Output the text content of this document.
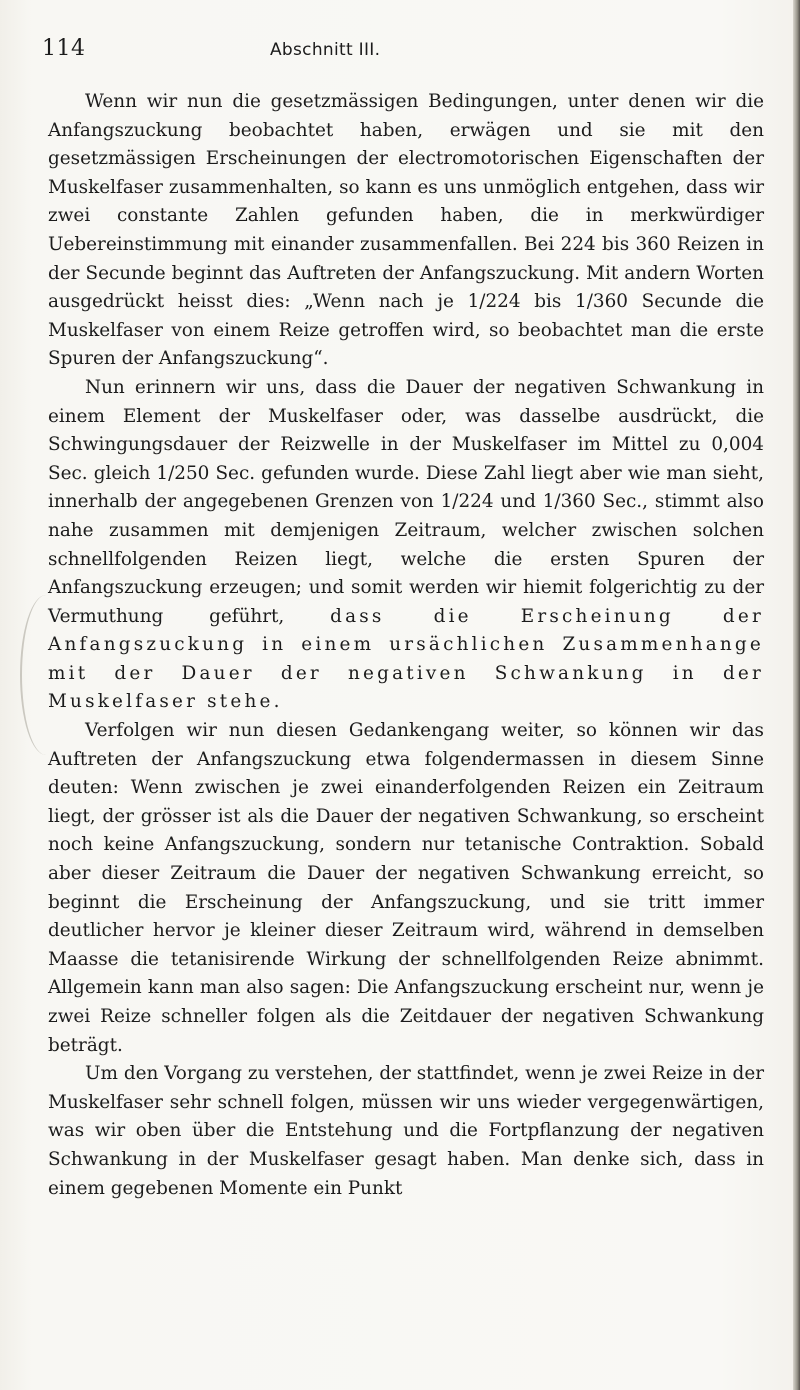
114	Abschnitt III.

Wenn wir nun die gesetzmässigen Bedingungen, unter denen wir die Anfangszuckung beobachtet haben, erwägen und sie mit den gesetzmässigen Erscheinungen der electromotorischen Eigenschaften der Muskelfaser zusammenhalten, so kann es uns unmöglich entgehen, dass wir zwei constante Zahlen gefunden haben, die in merkwürdiger Uebereinstimmung mit einander zusammenfallen. Bei 224 bis 360 Reizen in der Secunde beginnt das Auftreten der Anfangszuckung. Mit andern Worten ausgedrückt heisst dies: „Wenn nach je 1/224 bis 1/360 Secunde die Muskelfaser von einem Reize getroffen wird, so beobachtet man die erste Spuren der Anfangszuckung“.

Nun erinnern wir uns, dass die Dauer der negativen Schwankung in einem Element der Muskelfaser oder, was dasselbe ausdrückt, die Schwingungsdauer der Reizwelle in der Muskelfaser im Mittel zu 0,004 Sec. gleich 1/250 Sec. gefunden wurde. Diese Zahl liegt aber wie man sieht, innerhalb der angegebenen Grenzen von 1/224 und 1/360 Sec., stimmt also nahe zusammen mit demjenigen Zeitraum, welcher zwischen solchen schnellfolgenden Reizen liegt, welche die ersten Spuren der Anfangszuckung erzeugen; und somit werden wir hiemit folgerichtig zu der Vermuthung geführt, dass die Erscheinung der Anfangszuckung in einem ursächlichen Zusammenhange mit der Dauer der negativen Schwankung in der Muskelfaser stehe.

Verfolgen wir nun diesen Gedankengang weiter, so können wir das Auftreten der Anfangszuckung etwa folgendermassen in diesem Sinne deuten: Wenn zwischen je zwei einanderfolgenden Reizen ein Zeitraum liegt, der grösser ist als die Dauer der negativen Schwankung, so erscheint noch keine Anfangszuckung, sondern nur tetanische Contraktion. Sobald aber dieser Zeitraum die Dauer der negativen Schwankung erreicht, so beginnt die Erscheinung der Anfangszuckung, und sie tritt immer deutlicher hervor je kleiner dieser Zeitraum wird, während in demselben Maasse die tetanisirende Wirkung der schnellfolgenden Reize abnimmt. Allgemein kann man also sagen: Die Anfangszuckung erscheint nur, wenn je zwei Reize schneller folgen als die Zeitdauer der negativen Schwankung beträgt.

Um den Vorgang zu verstehen, der stattfindet, wenn je zwei Reize in der Muskelfaser sehr schnell folgen, müssen wir uns wieder vergegenwärtigen, was wir oben über die Entstehung und die Fortpflanzung der negativen Schwankung in der Muskelfaser gesagt haben. Man denke sich, dass in einem gegebenen Momente ein Punkt
